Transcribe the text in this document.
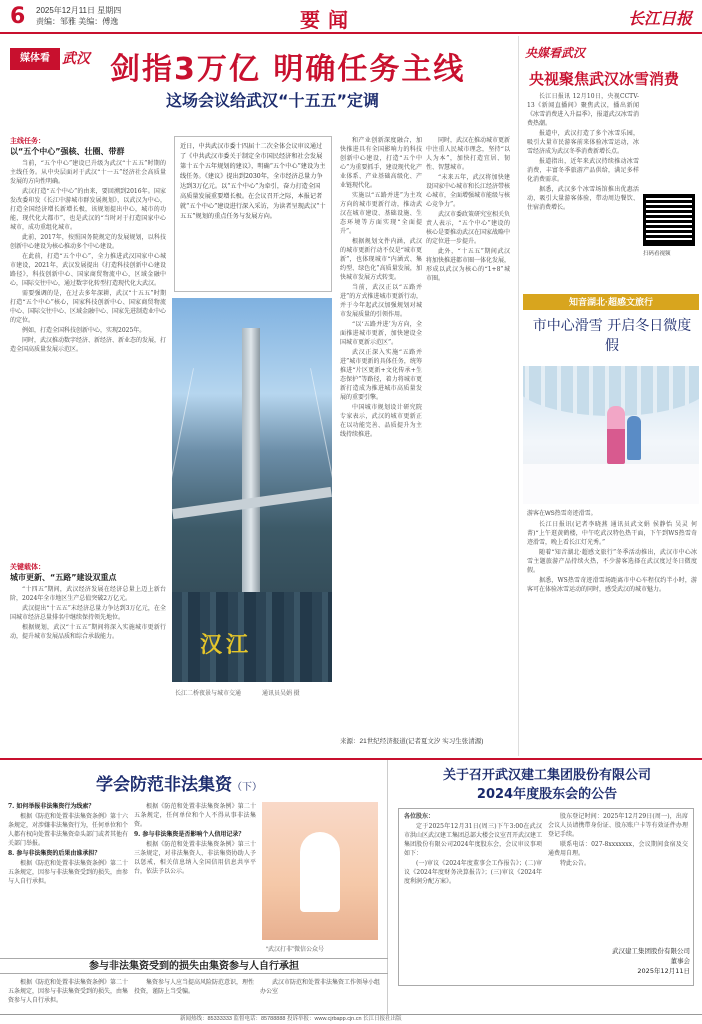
6 2025年12月11日 星期四
责编：邹雅 美编：傅逸	要闻	长江日报
媒体看 武汉 剑指3万亿 明确任务主线
这场会议给武汉“十五五”定调
主线任务：
以“五个中心”强核、壮圈、带群

当前，“五个中心”建设已升级为武汉“十五五”时期的主线任务。从中央层面对于武汉“十一五”经济社会高质量发展的方向性明确。

武汉打造“五个中心”的由来，要回溯到2016年。国家发改委印发《长江中游城市群发展规划》，以武汉为中心，打造全国经济增长新增长极，该规划提出中心，城市的功能，现代化大都市”，也是武汉的“当时对于打造国家中心城市，成功重组化城市。

此前，2017年，按照国务院规定的发展规划，以科技创新中心建设为核心推动多个中心建设。

在此前，打造“五个中心”，全力推进武汉国家中心城市建设，2021年，武汉发展提出《打造科技创新中心建设路径》，科技创新中心、国家商贸物流中心，区域金融中心，国际交往中心，通过数字化转型打造现代化大武汉。

需要强调的是，在过去多年深耕，武汉“十五五”时期打造“五个中心”核心，国家科技创新中心、国家商贸物流中心、国际交往中心、区域金融中心、国家先进制造业中心的定位。

例如，打造全国科技创新中心，实现2025年。

同时，武汉推动数字经济、新经济、新业态的发展，打造全国高质量发展示范区。

关键载体：
城市更新、“五路”建设双重点

“十四五”期间，武汉经济发展在经济总量上迈上新台阶，2024年全市地区生产总值突破2万亿元。

武汉提出“十五五”末经济总量力争达到3万亿元，在全国城市经济总量排名中继续保持领先地位。

根据规划，武汉“十五五”期间将深入实施城市更新行动，提升城市发展品质和综合承载能力。

近日，中共武汉市委十四届十二次全体会议审议通过了《中共武汉市委关于制定全市国民经济和社会发展第十五个五年规划的建议》，明确“五个中心”建设为主线任务。《建议》提出到2030年，全市经济总量力争达到3万亿元。以“五个中心”为牵引，奋力打造全国高质量发展重要增长极。在会议召开之际，本报记者就“五个中心”建设进行深入采访，为读者呈现武汉“十五五”规划的重点任务与发展方向。
汉江
长江二桥夜景与城市交通	通讯员吴娟 摄

和产业创新深度融合，加快推进具有全国影响力的科技创新中心建设，打造“五个中心”为重要抓手，建设现代化产业体系、产业基础高级化、产业链现代化。

实施以“五路并进”为主攻方向的城市更新行动，推动武汉在城市建设、基础设施、生态环境等方面实现“全面提升”。

根据规划文件内涵，武汉的城市更新行动不仅是“城市更新”，也体现城市“内涵式、集约型、绿色化”高质量发展，加快城市发展方式转变。

当前，武汉正以“五路并进”的方式推进城市更新行动，并于今年起武汉加强规划对城市发展质量的引领作用。

“以‘五路并进’为方向，全面推进城市更新，加快建设全国城市更新示范区”。

武汉正深入实施“五路并进”城市更新的具体任务，统筹推进“片区更新+文化传承+生态保护”等路径，着力将城市更新打造成为推进城市高质量发展的重要引擎。

中国城市规划设计研究院专家表示，武汉的城市更新正在以功能完善、品质提升为主线持续推进。

同时，武汉在推动城市更新中注重人民城市理念，坚持“以人为本”，加快打造宜居、韧性、智慧城市。

“未来五年，武汉将加快建设国家中心城市和长江经济带核心城市，全面增强城市能级与核心竞争力”。

武汉市委政策研究室相关负责人表示，“五个中心”建设的核心是要推动武汉在国家战略中的定位进一步提升。

此外，“十五五”期间武汉将加快推进都市圈一体化发展，形成以武汉为核心的“1+8”城市圈。

来源：21世纪经济报道(记者夏文汐 实习生张清源)
央媒看武汉
央视聚焦武汉冰雪消费

长江日报讯 12月10日，央视CCTV-13《新闻直播间》聚焦武汉，播出新闻《冰雪消费进入升温季》，报道武汉冰雪消费热潮。

报道中，武汉打造了多个冰雪乐园，吸引大量市民游客前来体验冰雪运动，冰雪经济成为武汉冬季消费新增长点。

报道指出，近年来武汉持续推动冰雪消费，丰富冬季旅游产品供给，满足多样化消费需求。

据悉，武汉多个冰雪场馆推出优惠活动，吸引大量游客体验，带动周边餐饮、住宿消费增长。

扫码看视频
知音湖北·超感文旅行
市中心滑雪 开启冬日微度假
游客在WS热雪奇迹滑雪。

长江日报讯(记者李晓燕 通讯员武文娟 侯静怡 吴灵 何菁)“上午逛黄鹤楼，中午吃武汉特色热干面，下午到WS热雪奇迹滑雪，晚上看长江灯光秀。”

随着“知音湖北·超感文旅行”冬季活动推出，武汉市中心冰雪主题旅游产品持续火热，不少游客选择在武汉度过冬日微度假。

据悉，WS热雪奇迹滑雪场距离市中心车程仅约半小时，游客可在体验冰雪运动的同时，感受武汉的城市魅力。

学会防范非法集资（下）

7. 如何举报非法集资行为线索？

根据《防范和处置非法集资条例》第十六条规定，对涉嫌非法集资行为，任何单位和个人都有权向处置非法集资牵头部门或者其他有关部门举报。

8. 参与非法集资的后果由谁承担？

根据《防范和处置非法集资条例》第二十五条规定，因参与非法集资受到的损失，由参与人自行承担。

根据《防范和处置非法集资条例》第二十五条规定，任何单位和个人不得从事非法集资。

9. 参与非法集资是否影响个人信用记录？

根据《防范和处置非法集资条例》第三十三条规定，对非法集资人、非法集资协助人予以惩戒，相关信息纳入全国信用信息共享平台，依法予以公示。

“武汉打非”微信公众号
参与非法集资受到的损失由集资参与人自行承担

根据《防范和处置非法集资条例》第二十五条规定，因参与非法集资受到的损失，由集资参与人自行承担。

集资参与人应当提高风险防范意识，理性投资，谨防上当受骗。

武汉市防范和处置非法集资工作领导小组办公室

关于召开武汉建工集团股份有限公司
2024年度股东会的公告

各位股东：

定于2025年12月31日(周三)下午3:00在武汉市洪山区武汉建工集团总部大楼会议室召开武汉建工集团股份有限公司2024年度股东会，会议审议事项如下：

(一)审议《2024年度董事会工作报告》；(二)审议《2024年度财务决算报告》；(三)审议《2024年度利润分配方案》。

股东登记时间：2025年12月29日(周一)，出席会议人员请携带身份证、股东账户卡等有效证件办理登记手续。

联系电话：027-8xxxxxxx，会议期间食宿及交通费用自理。

特此公告。

武汉建工集团股份有限公司
董事会
2025年12月11日
新闻热线：85333333 监督电话：85788888 投诉举报：www.cjrbapp.cjn.cn 长江日报社出版
